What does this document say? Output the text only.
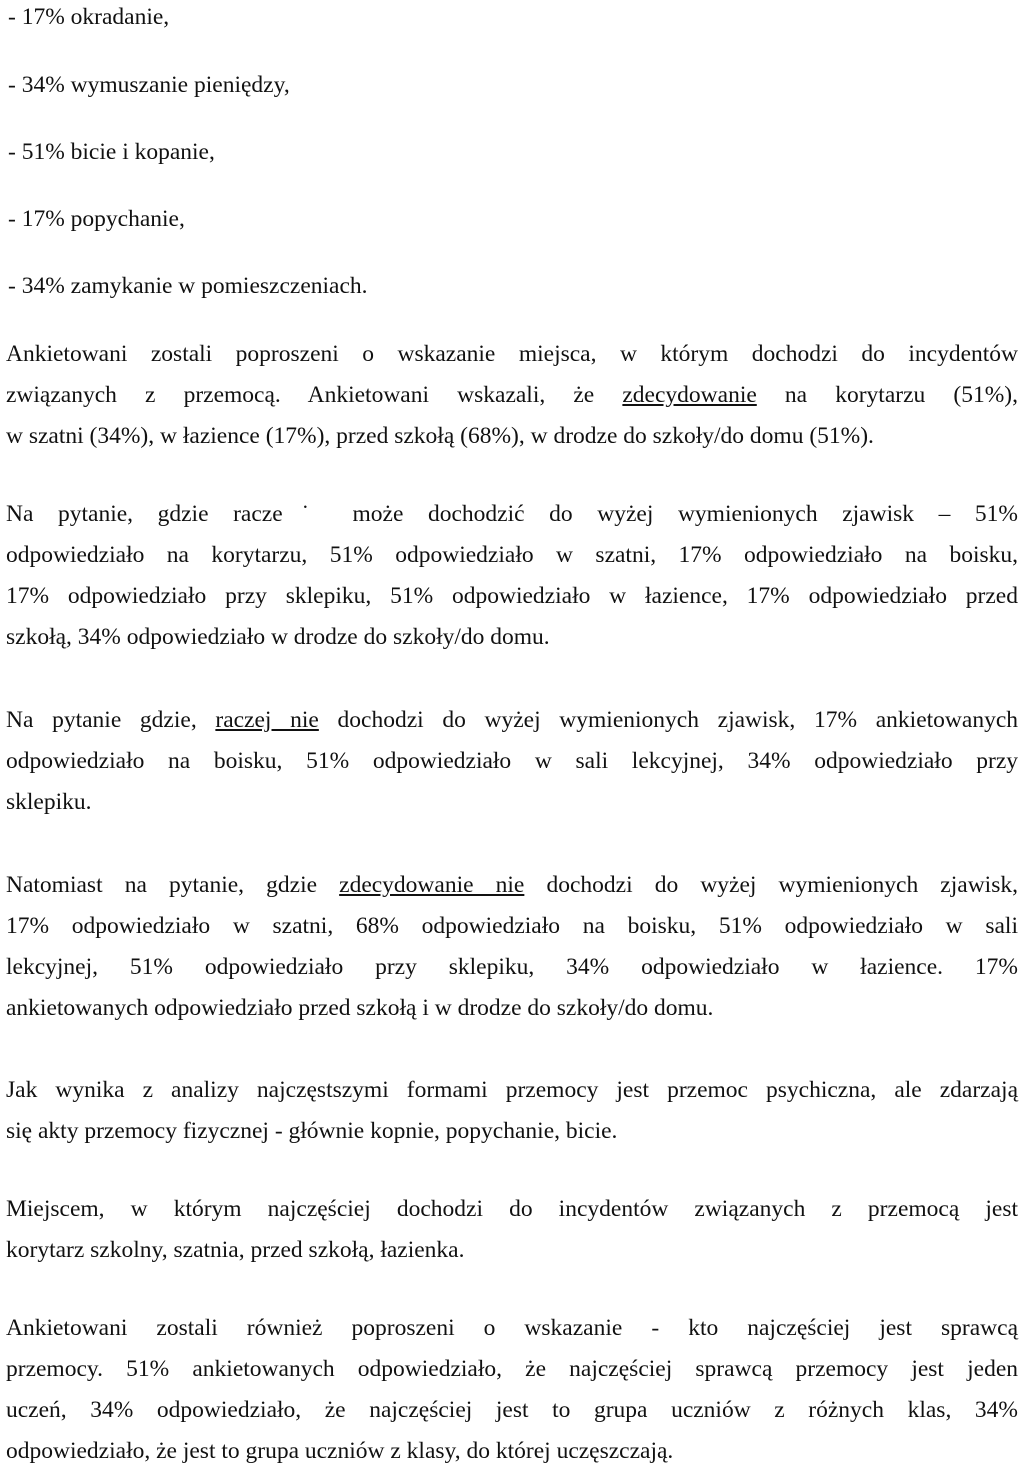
- 17% okradanie,
- 34% wymuszanie pieniędzy,
- 51% bicie i kopanie,
- 17% popychanie,
- 34% zamykanie w pomieszczeniach.
Ankietowani zostali poproszeni o wskazanie miejsca, w którym dochodzi do incydentów
związanych z przemocą. Ankietowani wskazali, że zdecydowanie na korytarzu (51%),
w szatni (34%), w łazience (17%), przed szkołą (68%), w drodze do szkoły/do domu (51%).
Na pytanie, gdzie racze˙ może dochodzić do wyżej wymienionych zjawisk – 51%
odpowiedziało na korytarzu, 51% odpowiedziało w szatni, 17% odpowiedziało na boisku,
17% odpowiedziało przy sklepiku, 51% odpowiedziało w łazience, 17% odpowiedziało przed
szkołą, 34% odpowiedziało w drodze do szkoły/do domu.
Na pytanie gdzie, raczej nie dochodzi do wyżej wymienionych zjawisk, 17% ankietowanych
odpowiedziało na boisku, 51% odpowiedziało w sali lekcyjnej, 34% odpowiedziało przy
sklepiku.
Natomiast na pytanie, gdzie zdecydowanie nie dochodzi do wyżej wymienionych zjawisk,
17% odpowiedziało w szatni, 68% odpowiedziało na boisku, 51% odpowiedziało w sali
lekcyjnej, 51% odpowiedziało przy sklepiku, 34% odpowiedziało w łazience. 17%
ankietowanych odpowiedziało przed szkołą i w drodze do szkoły/do domu.
Jak wynika z analizy najczęstszymi formami przemocy jest przemoc psychiczna, ale zdarzają
się akty przemocy fizycznej - głównie kopnie, popychanie, bicie.
Miejscem, w którym najczęściej dochodzi do incydentów związanych z przemocą jest
korytarz szkolny, szatnia, przed szkołą, łazienka.
Ankietowani zostali również poproszeni o wskazanie - kto najczęściej jest sprawcą
przemocy. 51% ankietowanych odpowiedziało, że najczęściej sprawcą przemocy jest jeden
uczeń, 34% odpowiedziało, że najczęściej jest to grupa uczniów z różnych klas, 34%
odpowiedziało, że jest to grupa uczniów z klasy, do której uczęszczają.
